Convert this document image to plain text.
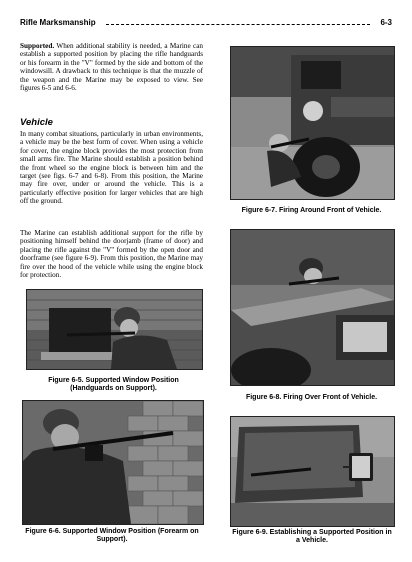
Rifle Marksmanship	6-3

Supported. When additional stability is needed, a Marine can establish a supported position by placing the rifle handguards or his forearm in the "V" formed by the side and bottom of the windowsill. A drawback to this technique is that the muzzle of the weapon and the Marine may be exposed to view. See figures 6-5 and 6-6.

Vehicle

In many combat situations, particularly in urban environments, a vehicle may be the best form of cover. When using a vehicle for cover, the engine block provides the most protection from small arms fire. The Marine should establish a position behind the front wheel so the engine block is between him and the target (see figs. 6-7 and 6-8). From this position, the Marine may fire over, under or around the vehicle. This is a particularly effective position for larger vehicles that are high off the ground.

The Marine can establish additional support for the rifle by positioning himself behind the doorjamb (frame of door) and placing the rifle against the "V" formed by the open door and doorframe (see figure 6-9). From this position, the Marine may fire over the hood of the vehicle while using the engine block for protection.

Figure 6-5. Supported Window Position (Handguards on Support).

Figure 6-6. Supported Window Position (Forearm on Support).

Figure 6-7. Firing Around Front of Vehicle.

Figure 6-8. Firing Over Front of Vehicle.

Figure 6-9. Establishing a Supported Position in a Vehicle.
